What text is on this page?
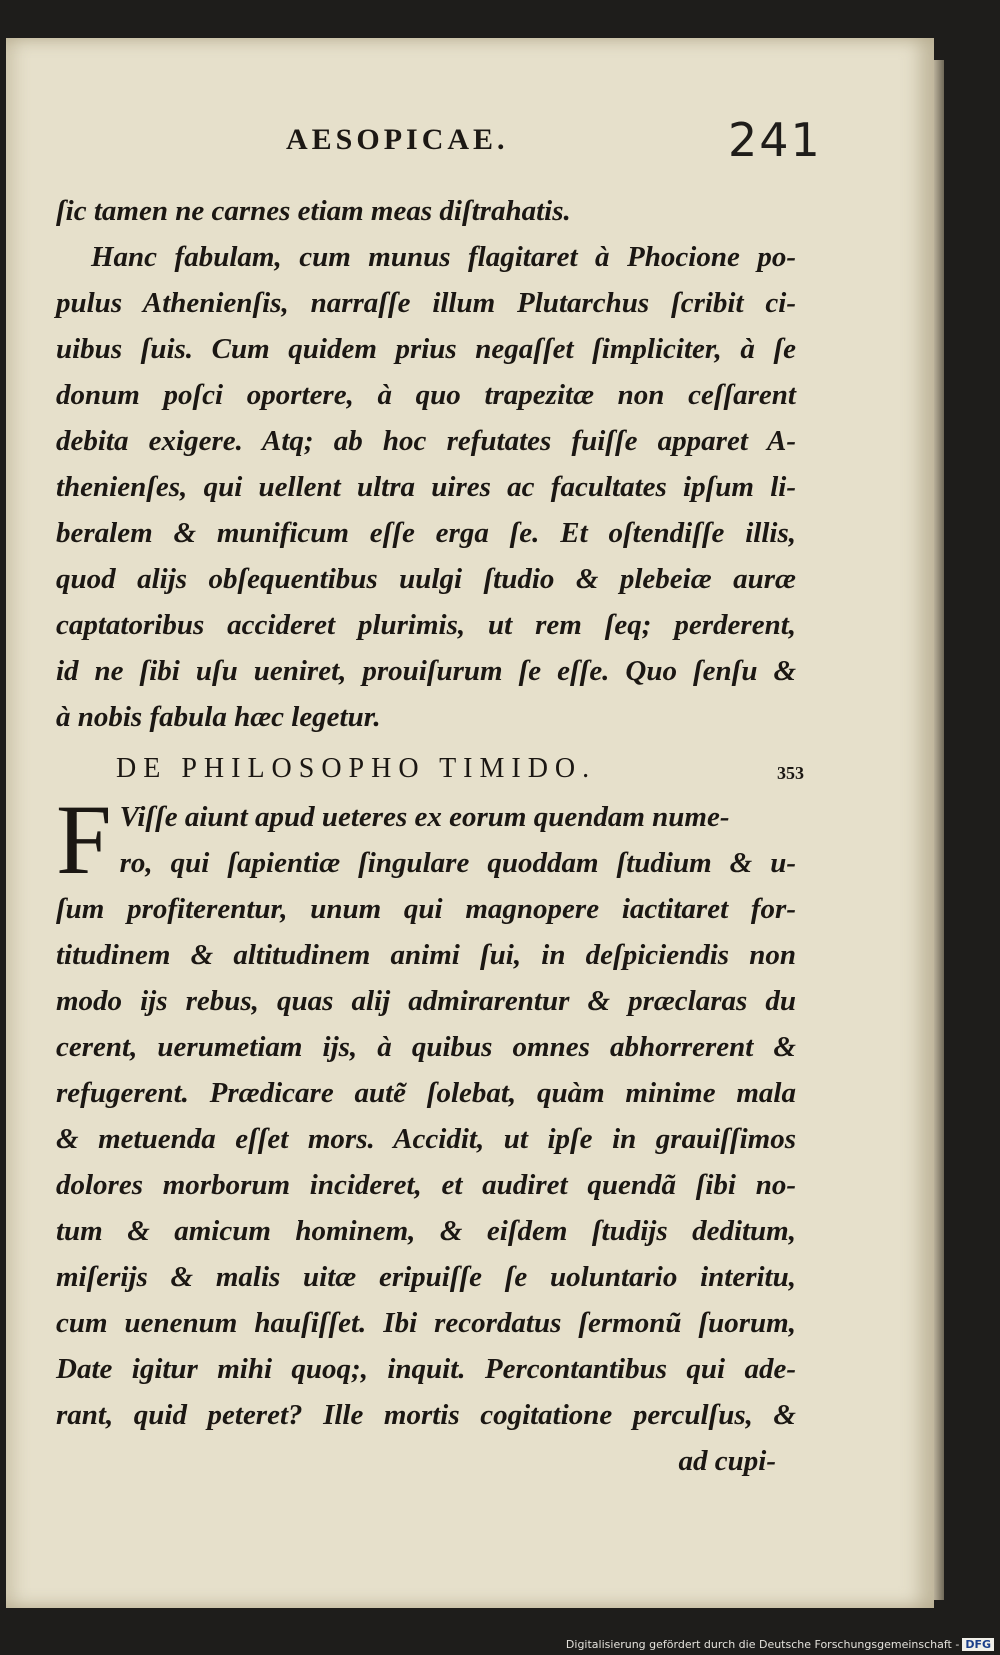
AESOPICAE.	241
ſic tamen ne carnes etiam meas diſtrahatis.
Hanc fabulam, cum munus flagitaret à Phocione po-
pulus Athenienſis, narraſſe illum Plutarchus ſcribit ci-
uibus ſuis. Cum quidem prius negaſſet ſimpliciter, à ſe
donum poſci oportere, à quo trapezitæ non ceſſarent
debita exigere. Atq; ab hoc refutates fuiſſe apparet A-
thenienſes, qui uellent ultra uires ac facultates ipſum li-
beralem & munificum eſſe erga ſe. Et oſtendiſſe illis,
quod alijs obſequentibus uulgi ſtudio & plebeiæ auræ
captatoribus accideret plurimis, ut rem ſeq; perderent,
id ne ſibi uſu ueniret, prouiſurum ſe eſſe. Quo ſenſu &
à nobis fabula hæc legetur.
DE PHILOSOPHO TIMIDO.	353
F Viſſe aiunt apud ueteres ex eorum quendam nume-
ro, qui ſapientiæ ſingulare quoddam ſtudium & u-
ſum profiterentur, unum qui magnopere iactitaret for-
titudinem & altitudinem animi ſui, in deſpiciendis non
modo ijs rebus, quas alij admirarentur & præclaras du
cerent, uerumetiam ijs, à quibus omnes abhorrerent &
refugerent. Prædicare autẽ ſolebat, quàm minime mala
& metuenda eſſet mors. Accidit, ut ipſe in grauiſſimos
dolores morborum incideret, et audiret quendã ſibi no-
tum & amicum hominem, & eiſdem ſtudijs deditum,
miſerijs & malis uitæ eripuiſſe ſe uoluntario interitu,
cum uenenum hauſiſſet. Ibi recordatus ſermonũ ſuorum,
Date igitur mihi quoq;, inquit. Percontantibus qui ade-
rant, quid peteret? Ille mortis cogitatione perculſus, &
ad cupi-
Digitalisierung gefördert durch die Deutsche Forschungsgemeinschaft - DFG
